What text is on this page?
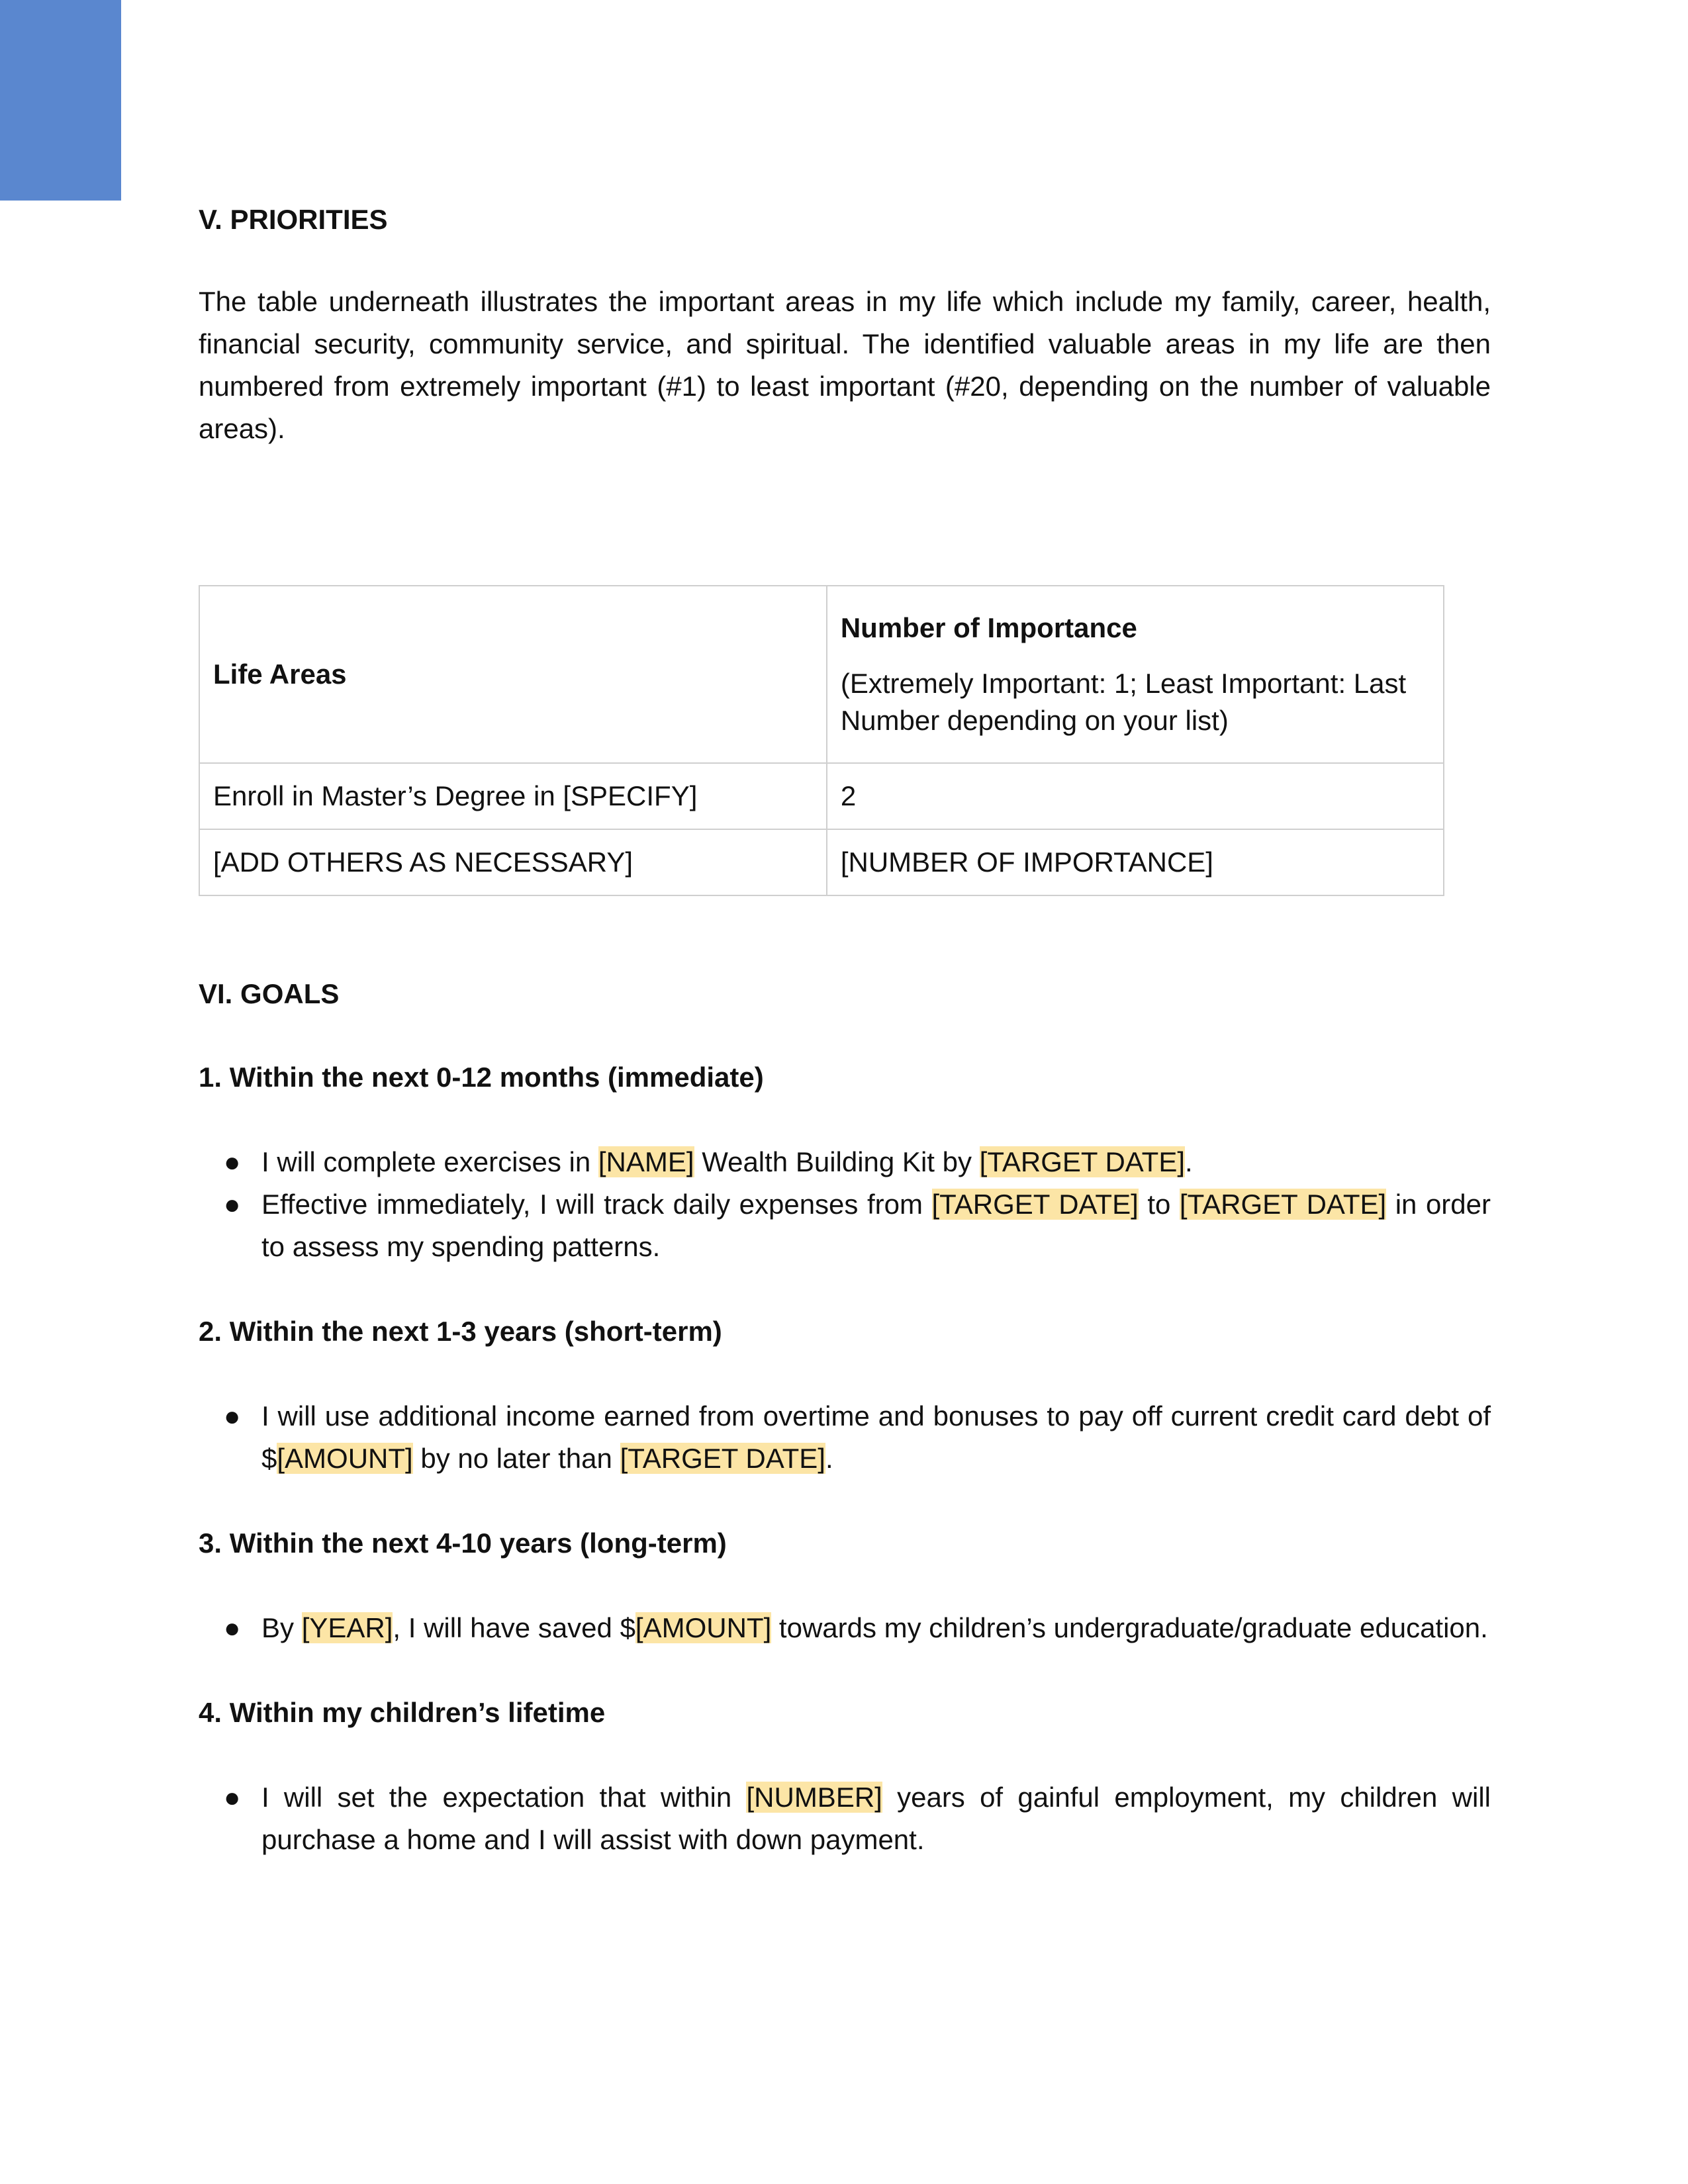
V. PRIORITIES

The table underneath illustrates the important areas in my life which include my family, career, health, financial security, community service, and spiritual. The identified valuable areas in my life are then numbered from extremely important (#1) to least important (#20, depending on the number of valuable areas).

Life Areas	Number of Importance
(Extremely Important: 1; Least Important: Last Number depending on your list)

Enroll in Master’s Degree in [SPECIFY]	2
[ADD OTHERS AS NECESSARY]	[NUMBER OF IMPORTANCE]
VI. GOALS

1. Within the next 0-12 months (immediate)

● I will complete exercises in [NAME] Wealth Building Kit by [TARGET DATE].
● Effective immediately, I will track daily expenses from [TARGET DATE] to [TARGET DATE] in order to assess my spending patterns.

2. Within the next 1-3 years (short-term)

● I will use additional income earned from overtime and bonuses to pay off current credit card debt of $[AMOUNT] by no later than [TARGET DATE].

3. Within the next 4-10 years (long-term)

● By [YEAR], I will have saved $[AMOUNT] towards my children’s undergraduate/graduate education.

4. Within my children’s lifetime

● I will set the expectation that within [NUMBER] years of gainful employment, my children will purchase a home and I will assist with down payment.
